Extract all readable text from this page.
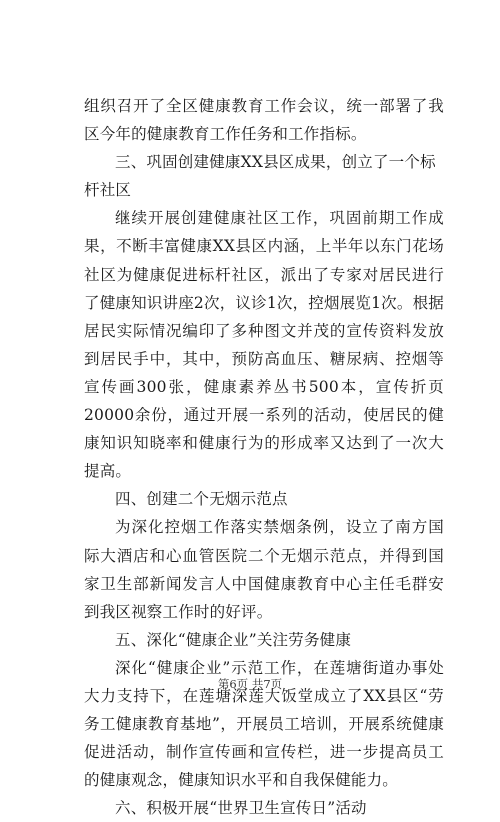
组织召开了全区健康教育工作会议，统一部署了我区今年的健康教育工作任务和工作指标。

三、巩固创建健康XX县区成果，创立了一个标杆社区

继续开展创建健康社区工作，巩固前期工作成果，不断丰富健康XX县区内涵，上半年以东门花场社区为健康促进标杆社区，派出了专家对居民进行了健康知识讲座2次，议诊1次，控烟展览1次。根据居民实际情况编印了多种图文并茂的宣传资料发放到居民手中，其中，预防高血压、糖尿病、控烟等宣传画300张，健康素养丛书500本，宣传折页20000余份，通过开展一系列的活动，使居民的健康知识知晓率和健康行为的形成率又达到了一次大提高。

四、创建二个无烟示范点

为深化控烟工作落实禁烟条例，设立了南方国际大酒店和心血管医院二个无烟示范点，并得到国家卫生部新闻发言人中国健康教育中心主任毛群安到我区视察工作时的好评。

五、深化“健康企业”关注劳务健康

深化“健康企业”示范工作，在莲塘街道办事处大力支持下，在莲塘深莲大饭堂成立了XX县区“劳务工健康教育基地”，开展员工培训，开展系统健康促进活动，制作宣传画和宣传栏，进一步提高员工的健康观念，健康知识水平和自我保健能力。

六、积极开展“世界卫生宣传日”活动

第6页 共7页
